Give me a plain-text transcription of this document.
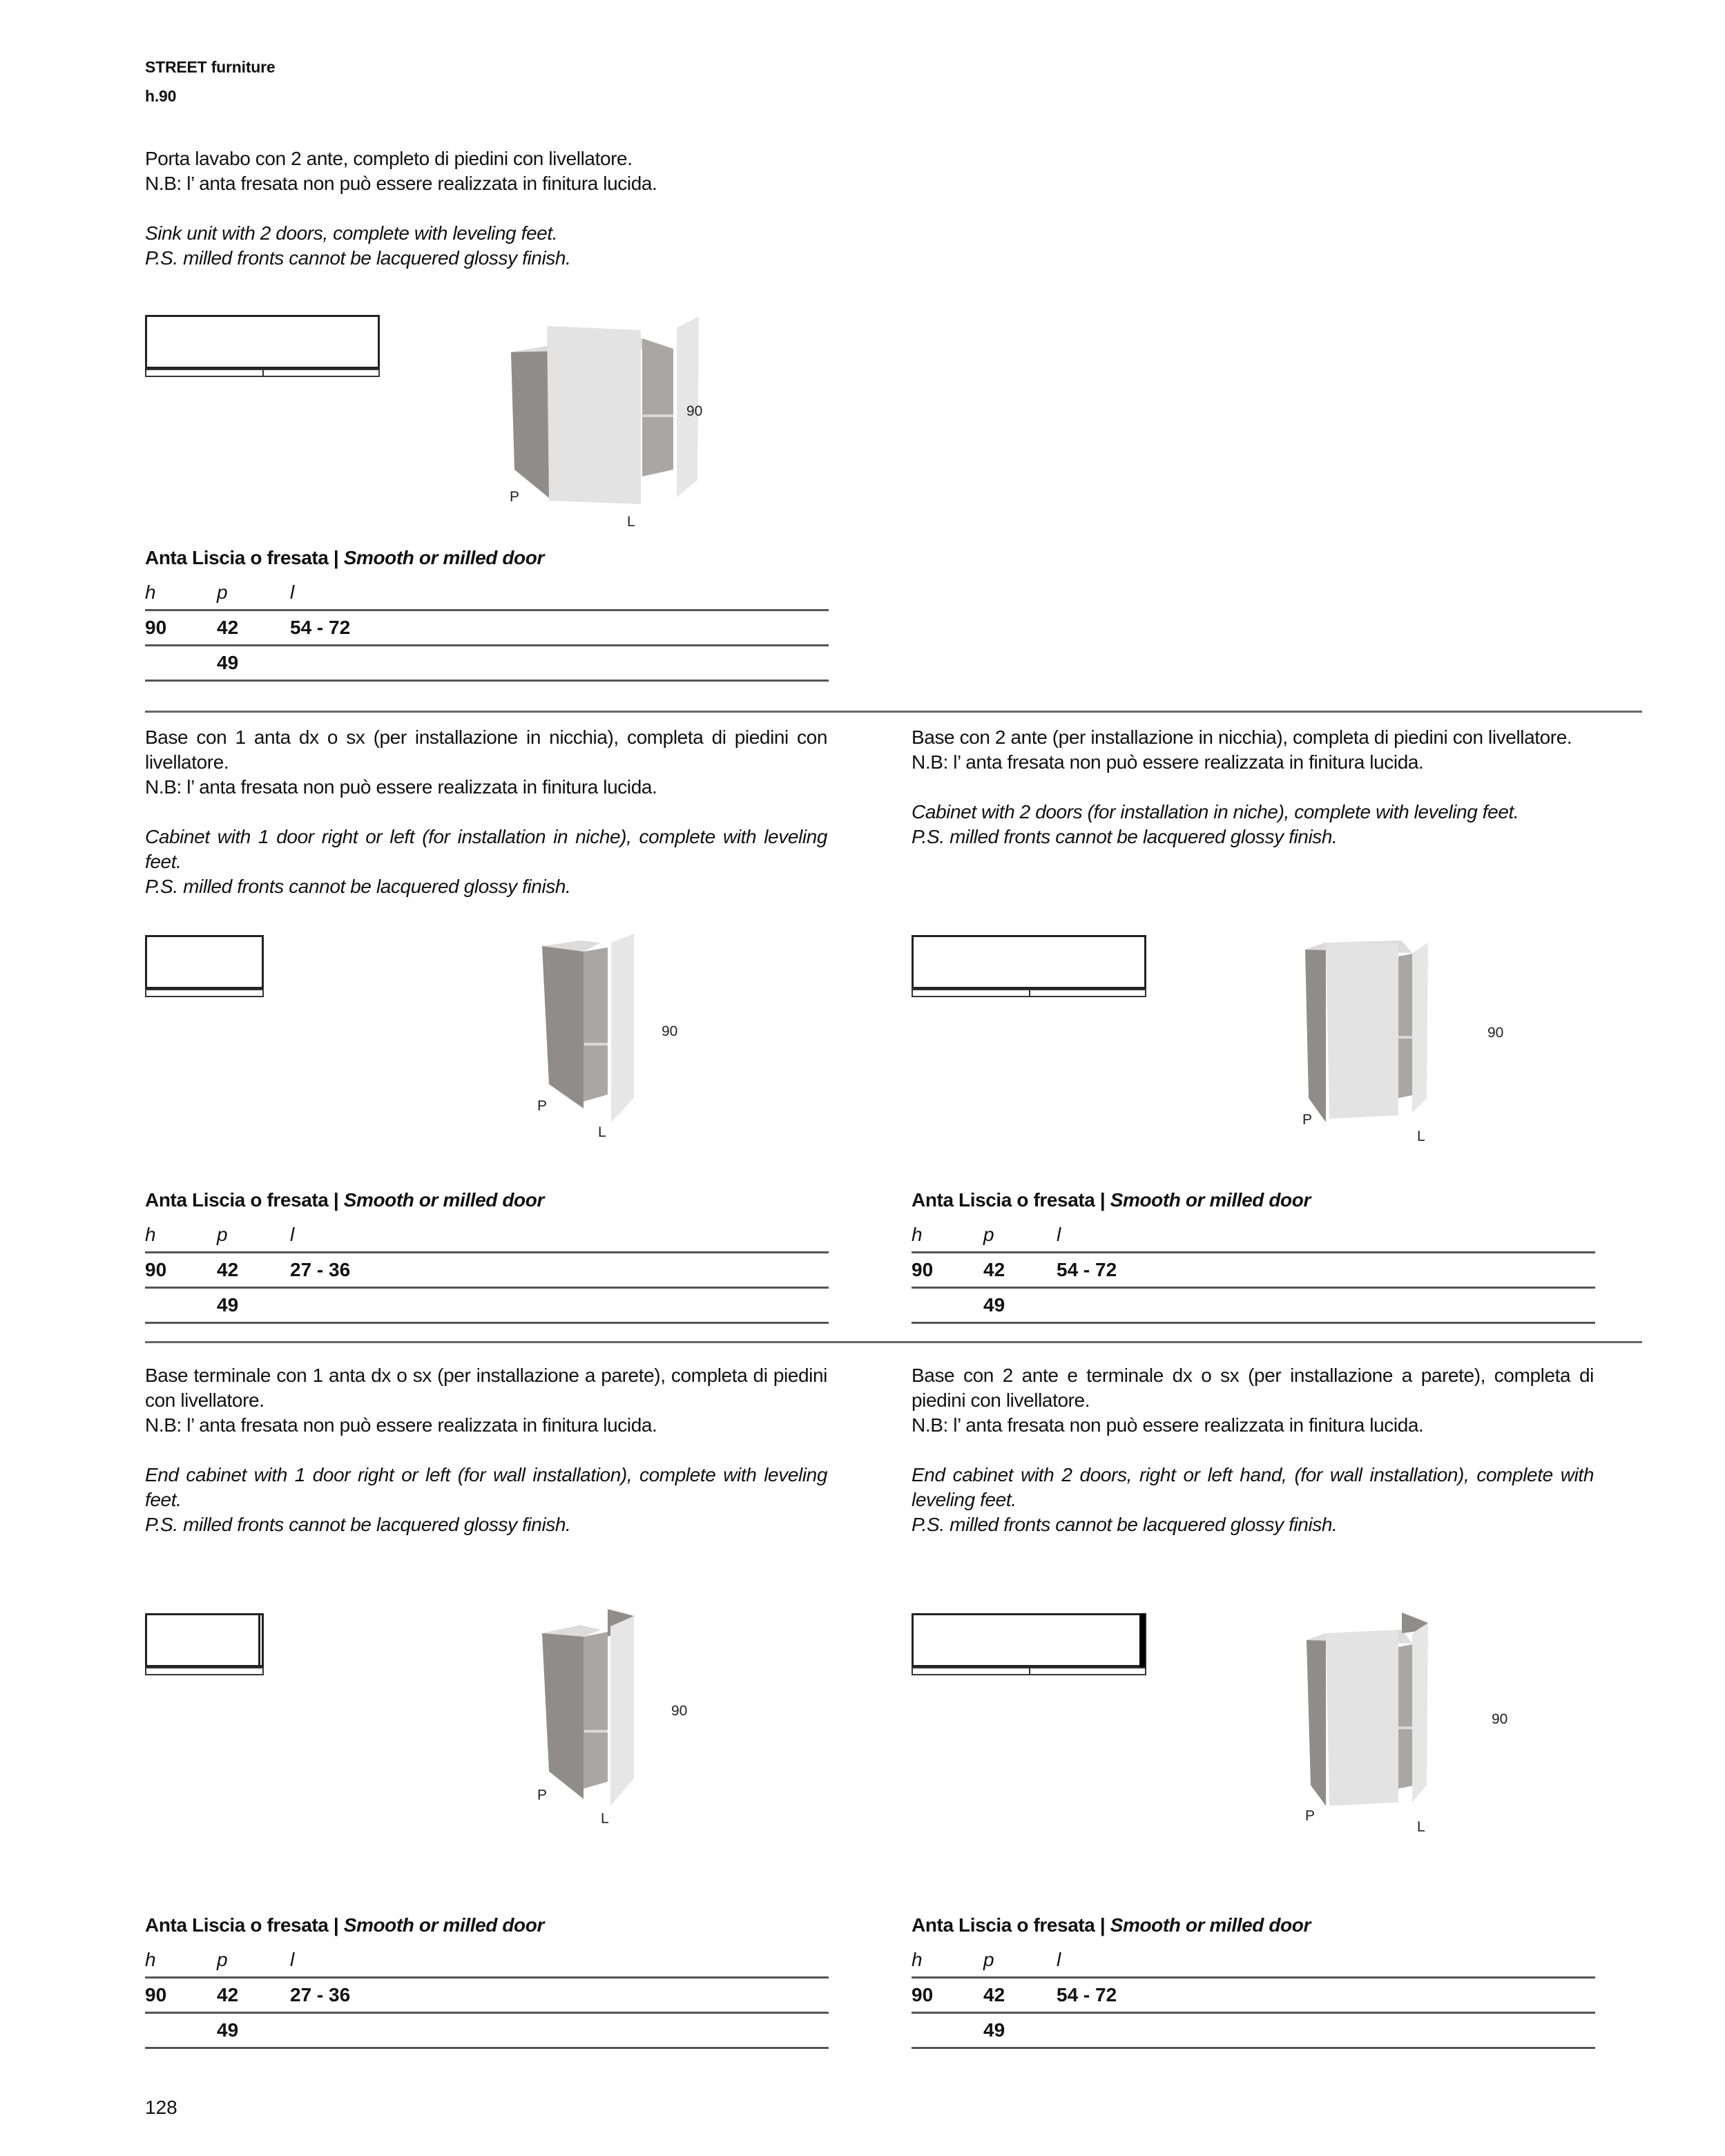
STREET furniture
h.90

Porta lavabo con 2 ante, completo di piedini con livellatore.

N.B: l’ anta fresata non può essere realizzata in finitura lucida.

Sink unit with 2 doors, complete with leveling feet.

P.S. milled fronts cannot be lacquered glossy finish.

90
P
L
Anta Liscia o fresata | Smooth or milled door
h	p	l
90	42	54 - 72
	49	

Base con 1 anta dx o sx (per installazione in nicchia), completa di piedini con livellatore.

N.B: l’ anta fresata non può essere realizzata in finitura lucida.

Cabinet with 1 door right or left (for installation in niche), complete with leveling feet.

P.S. milled fronts cannot be lacquered glossy finish.

90
P
L
Anta Liscia o fresata | Smooth or milled door
h	p	l
90	42	27 - 36
	49	

Base con 2 ante (per installazione in nicchia), completa di piedini con livellatore.

N.B: l’ anta fresata non può essere realizzata in finitura lucida.

Cabinet with 2 doors (for installation in niche), complete with leveling feet.

P.S. milled fronts cannot be lacquered glossy finish.

90
P
L
Anta Liscia o fresata | Smooth or milled door
h	p	l
90	42	54 - 72
	49	

Base terminale con 1 anta dx o sx (per installazione a parete), completa di piedini con livellatore.

N.B: l’ anta fresata non può essere realizzata in finitura lucida.

End cabinet with 1 door right or left (for wall installation), complete with leveling feet.

P.S. milled fronts cannot be lacquered glossy finish.

90
P
L
Anta Liscia o fresata | Smooth or milled door
h	p	l
90	42	27 - 36
	49	

Base con 2 ante e terminale dx o sx (per installazione a parete), completa di piedini con livellatore.

N.B: l’ anta fresata non può essere realizzata in finitura lucida.

End cabinet with 2 doors, right or left hand, (for wall installation), complete with leveling feet.

P.S. milled fronts cannot be lacquered glossy finish.

90
P
L
Anta Liscia o fresata | Smooth or milled door
h	p	l
90	42	54 - 72
	49	
128
